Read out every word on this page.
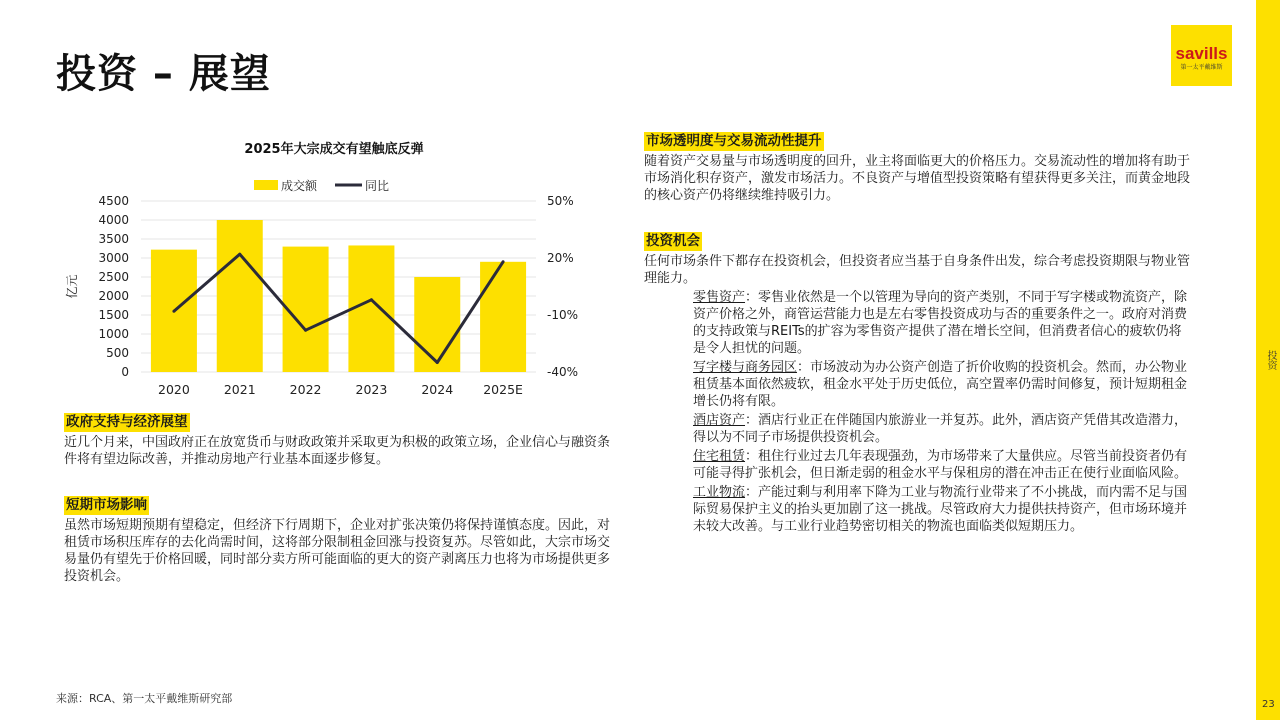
投资 – 展望	savills
第一太平戴维斯
投资
23
2025年大宗成交有望触底反弹
成交额	同比
0
500
1000
1500
2000
2500
3000
3500
4000
4500
-40%
-10%
20%
50%
亿元
2020	2021	2022	2023	2024 2025E
政府支持与经济展望
近几个月来，中国政府正在放宽货币与财政政策并采取更为积极的政策立场，企业信心与融资条件将有望边际改善，并推动房地产行业基本面逐步修复。
短期市场影响
虽然市场短期预期有望稳定，但经济下行周期下，企业对扩张决策仍将保持谨慎态度。因此，对租赁市场积压库存的去化尚需时间，这将部分限制租金回涨与投资复苏。尽管如此，大宗市场交易量仍有望先于价格回暖，同时部分卖方所可能面临的更大的资产剥离压力也将为市场提供更多投资机会。
市场透明度与交易流动性提升
随着资产交易量与市场透明度的回升，业主将面临更大的价格压力。交易流动性的增加将有助于市场消化积存资产，激发市场活力。不良资产与增值型投资策略有望获得更多关注，而黄金地段的核心资产仍将继续维持吸引力。
投资机会
任何市场条件下都存在投资机会，但投资者应当基于自身条件出发，综合考虑投资期限与物业管理能力。
零售资产：零售业依然是一个以管理为导向的资产类别，不同于写字楼或物流资产，除资产价格之外，商管运营能力也是左右零售投资成功与否的重要条件之一。政府对消费的支持政策与REITs的扩容为零售资产提供了潜在增长空间，但消费者信心的疲软仍将是令人担忧的问题。
写字楼与商务园区：市场波动为办公资产创造了折价收购的投资机会。然而，办公物业租赁基本面依然疲软，租金水平处于历史低位，高空置率仍需时间修复，预计短期租金增长仍将有限。
酒店资产：酒店行业正在伴随国内旅游业一并复苏。此外，酒店资产凭借其改造潜力，得以为不同子市场提供投资机会。
住宅租赁：租住行业过去几年表现强劲，为市场带来了大量供应。尽管当前投资者仍有可能寻得扩张机会，但日渐走弱的租金水平与保租房的潜在冲击正在使行业面临风险。
工业物流：产能过剩与利用率下降为工业与物流行业带来了不小挑战，而内需不足与国际贸易保护主义的抬头更加剧了这一挑战。尽管政府大力提供扶持资产，但市场环境并未较大改善。与工业行业趋势密切相关的物流也面临类似短期压力。
来源：RCA、第一太平戴维斯研究部
